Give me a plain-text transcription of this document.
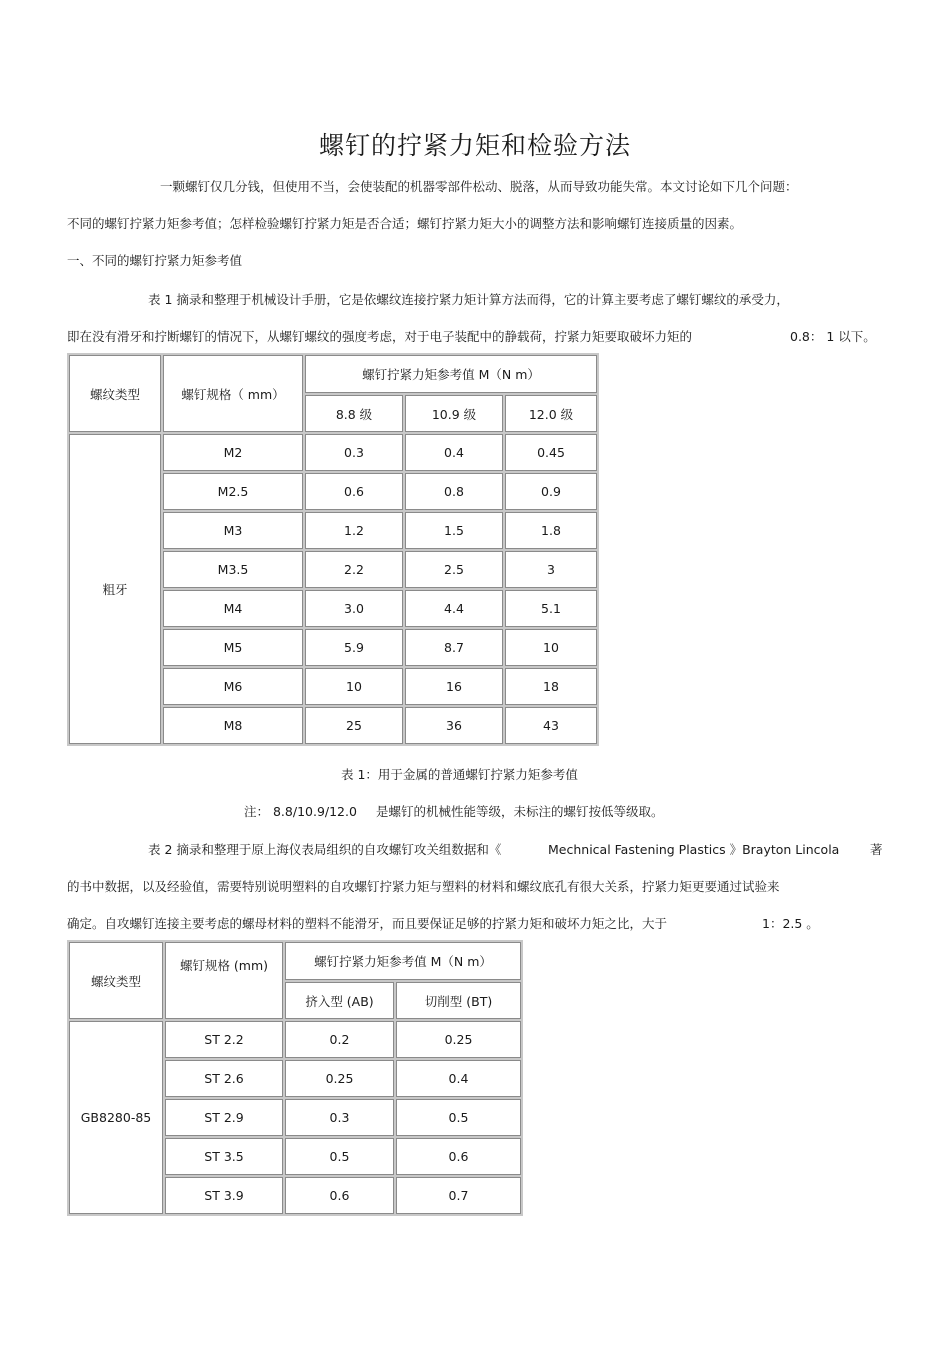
螺钉的拧紧力矩和检验方法
一颗螺钉仅几分钱，但使用不当，会使装配的机器零部件松动、脱落，从而导致功能失常。本文讨论如下几个问题：
不同的螺钉拧紧力矩参考值；怎样检验螺钉拧紧力矩是否合适；螺钉拧紧力矩大小的调整方法和影响螺钉连接质量的因素。
一、不同的螺钉拧紧力矩参考值
表 1 摘录和整理于机械设计手册，它是依螺纹连接拧紧力矩计算方法而得，它的计算主要考虑了螺钉螺纹的承受力，
即在没有滑牙和拧断螺钉的情况下，从螺钉螺纹的强度考虑，对于电子装配中的静载荷，拧紧力矩要取破坏力矩的	0.8： 1 以下。
螺纹类型	螺钉规格（ mm）	螺钉拧紧力矩参考值 M（N m）		
		8.8 级	10.9 级	12.0 级
粗牙	M2	0.3	0.4	0.45
	M2.5	0.6	0.8	0.9
	M3	1.2	1.5	1.8
	M3.5	2.2	2.5	3
	M4	3.0	4.4	5.1
	M5	5.9	8.7	10
	M6	10	16	18
	M8	25	36	43
表 1：用于金属的普通螺钉拧紧力矩参考值
注： 8.8/10.9/12.0 是螺钉的机械性能等级，未标注的螺钉按低等级取。
表 2 摘录和整理于原上海仪表局组织的自攻螺钉攻关组数据和《	Mechnical Fastening Plastics 》Brayton Lincola 著
的书中数据，以及经验值，需要特别说明塑料的自攻螺钉拧紧力矩与塑料的材料和螺纹底孔有很大关系，拧紧力矩更要通过试验来
确定。自攻螺钉连接主要考虑的螺母材料的塑料不能滑牙，而且要保证足够的拧紧力矩和破坏力矩之比，大于	1：2.5 。
螺纹类型	螺钉规格 (mm)	螺钉拧紧力矩参考值 M（N m）	
		挤入型 (AB)	切削型 (BT)
GB8280-85	ST 2.2	0.2	0.25
	ST 2.6	0.25	0.4
	ST 2.9	0.3	0.5
	ST 3.5	0.5	0.6
	ST 3.9	0.6	0.7
